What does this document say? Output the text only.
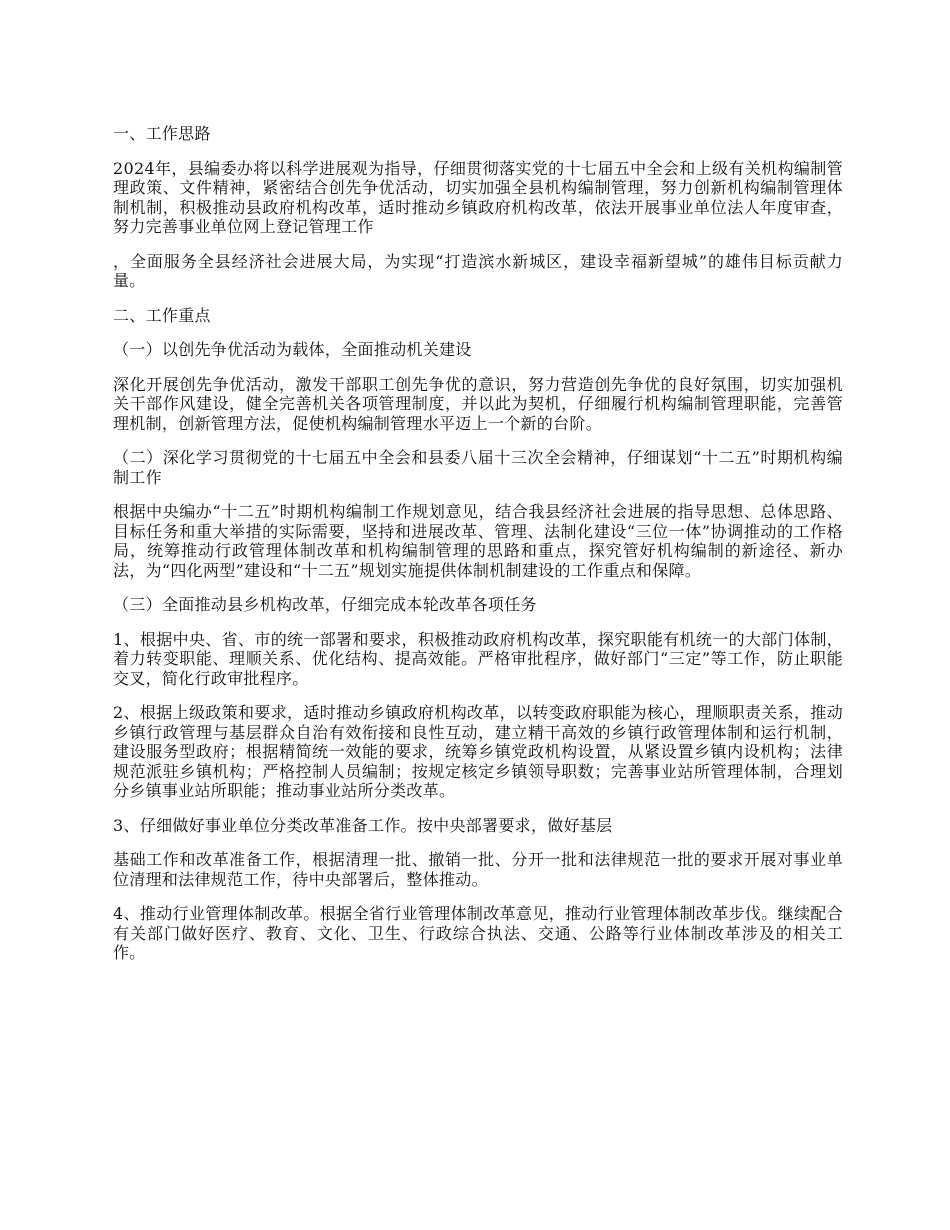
一、工作思路

2024年，县编委办将以科学进展观为指导，仔细贯彻落实党的十七届五中全会和上级有关机构编制管理政策、文件精神，紧密结合创先争优活动，切实加强全县机构编制管理，努力创新机构编制管理体制机制，积极推动县政府机构改革，适时推动乡镇政府机构改革，依法开展事业单位法人年度审查，努力完善事业单位网上登记管理工作

，全面服务全县经济社会进展大局，为实现“打造滨水新城区，建设幸福新望城”的雄伟目标贡献力量。

二、工作重点

（一）以创先争优活动为载体，全面推动机关建设

深化开展创先争优活动，激发干部职工创先争优的意识，努力营造创先争优的良好氛围，切实加强机关干部作风建设，健全完善机关各项管理制度，并以此为契机，仔细履行机构编制管理职能，完善管理机制，创新管理方法，促使机构编制管理水平迈上一个新的台阶。

（二）深化学习贯彻党的十七届五中全会和县委八届十三次全会精神，仔细谋划“十二五”时期机构编制工作

根据中央编办“十二五”时期机构编制工作规划意见，结合我县经济社会进展的指导思想、总体思路、目标任务和重大举措的实际需要，坚持和进展改革、管理、法制化建设“三位一体”协调推动的工作格局，统筹推动行政管理体制改革和机构编制管理的思路和重点，探究管好机构编制的新途径、新办法，为“四化两型”建设和“十二五”规划实施提供体制机制建设的工作重点和保障。

（三）全面推动县乡机构改革，仔细完成本轮改革各项任务

1、根据中央、省、市的统一部署和要求，积极推动政府机构改革，探究职能有机统一的大部门体制，着力转变职能、理顺关系、优化结构、提高效能。严格审批程序，做好部门“三定”等工作，防止职能交叉，简化行政审批程序。

2、根据上级政策和要求，适时推动乡镇政府机构改革，以转变政府职能为核心，理顺职责关系，推动乡镇行政管理与基层群众自治有效衔接和良性互动，建立精干高效的乡镇行政管理体制和运行机制，建设服务型政府；根据精简统一效能的要求，统筹乡镇党政机构设置，从紧设置乡镇内设机构；法律规范派驻乡镇机构；严格控制人员编制；按规定核定乡镇领导职数；完善事业站所管理体制，合理划分乡镇事业站所职能；推动事业站所分类改革。

3、仔细做好事业单位分类改革准备工作。按中央部署要求，做好基层

基础工作和改革准备工作，根据清理一批、撤销一批、分开一批和法律规范一批的要求开展对事业单位清理和法律规范工作，待中央部署后，整体推动。

4、推动行业管理体制改革。根据全省行业管理体制改革意见，推动行业管理体制改革步伐。继续配合有关部门做好医疗、教育、文化、卫生、行政综合执法、交通、公路等行业体制改革涉及的相关工作。
